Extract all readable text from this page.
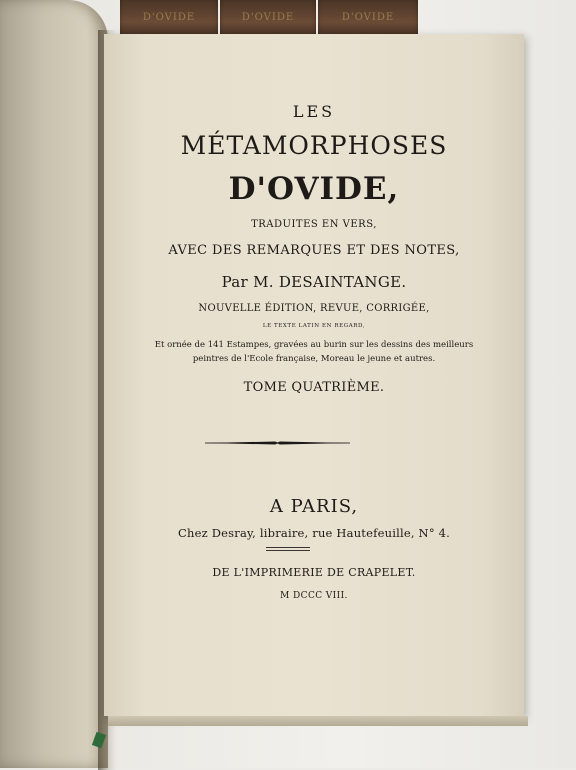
D'OVIDE	D'OVIDE	D'OVIDE
LES
MÉTAMORPHOSES
D'OVIDE,
TRADUITES EN VERS,
AVEC DES REMARQUES ET DES NOTES,
Par M. DESAINTANGE.
NOUVELLE ÉDITION, REVUE, CORRIGÉE,
LE TEXTE LATIN EN REGARD,
Et ornée de 141 Estampes, gravées au burin sur les dessins des meilleurs
peintres de l'Ecole française, Moreau le jeune et autres.
TOME QUATRIÈME.
A PARIS,
Chez Desray, libraire, rue Hautefeuille, N° 4.
DE L'IMPRIMERIE DE CRAPELET.
M DCCC VIII.
